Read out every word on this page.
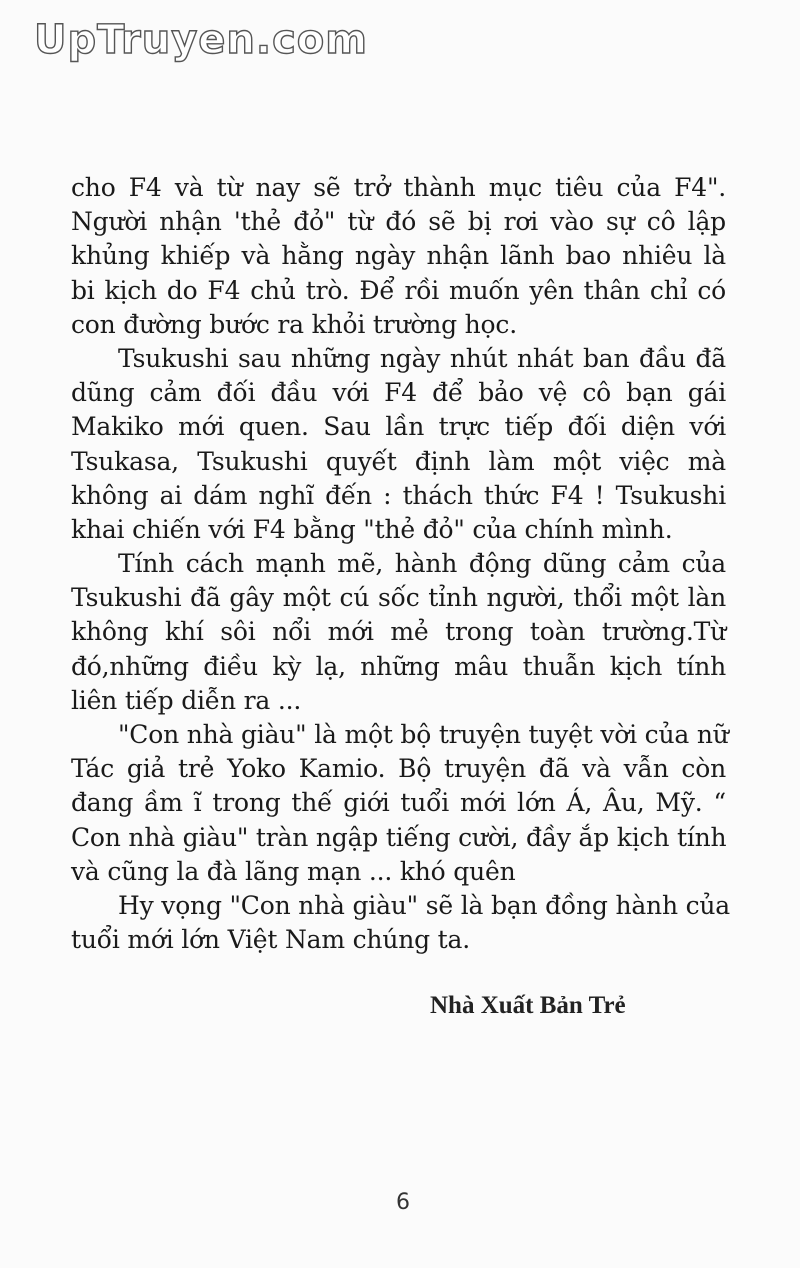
UpTruyen.com
cho F4 và từ nay sẽ trở thành mục tiêu của F4".
Người nhận 'thẻ đỏ" từ đó sẽ bị rơi vào sự cô lập
khủng khiếp và hằng ngày nhận lãnh bao nhiêu là
bi kịch do F4 chủ trò. Để rồi muốn yên thân chỉ có
con đường bước ra khỏi trường học.
Tsukushi sau những ngày nhút nhát ban đầu đã
dũng cảm đối đầu với F4 để bảo vệ cô bạn gái
Makiko mới quen. Sau lần trực tiếp đối diện với
Tsukasa, Tsukushi quyết định làm một việc mà
không ai dám nghĩ đến : thách thức F4 ! Tsukushi
khai chiến với F4 bằng "thẻ đỏ" của chính mình.
Tính cách mạnh mẽ, hành động dũng cảm của
Tsukushi đã gây một cú sốc tỉnh người, thổi một làn
không khí sôi nổi mới mẻ trong toàn trường.Từ
đó,những điều kỳ lạ, những mâu thuẫn kịch tính
liên tiếp diễn ra ...
"Con nhà giàu" là một bộ truyện tuyệt vời của nữ
Tác giả trẻ Yoko Kamio. Bộ truyện đã và vẫn còn
đang ầm ĩ trong thế giới tuổi mới lớn Á, Âu, Mỹ. “
Con nhà giàu" tràn ngập tiếng cười, đầy ắp kịch tính
và cũng la đà lãng mạn ... khó quên
Hy vọng "Con nhà giàu" sẽ là bạn đồng hành của
tuổi mới lớn Việt Nam chúng ta.
Nhà Xuất Bản Trẻ
6
